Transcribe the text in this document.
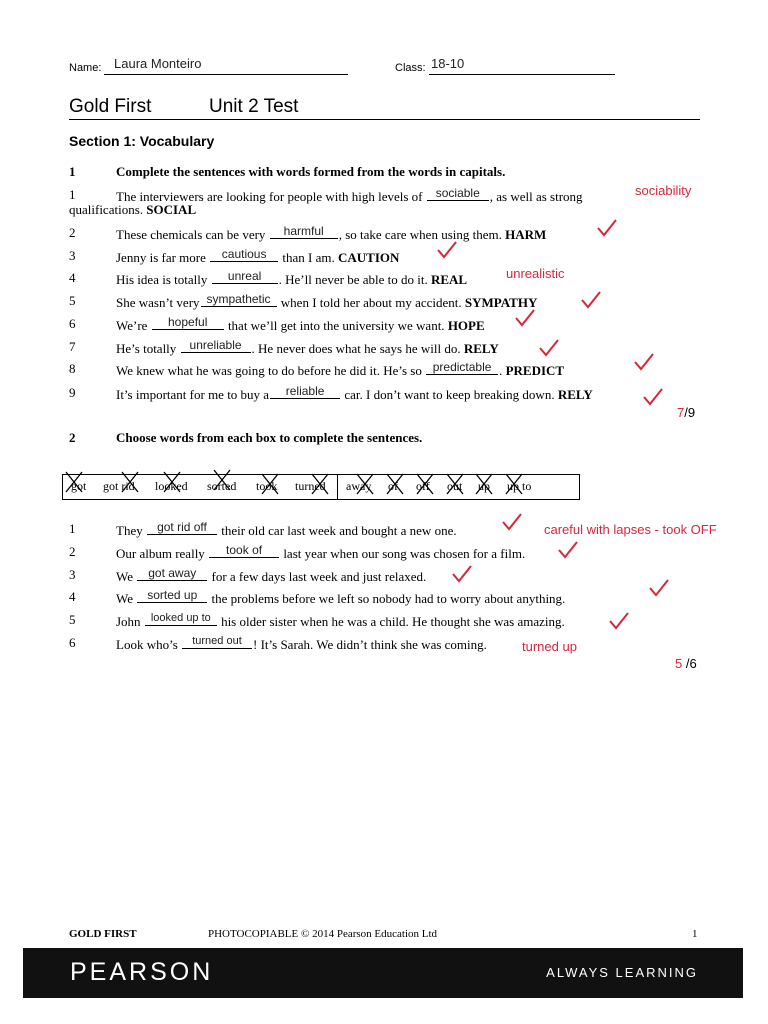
Name: Laura Monteiro	Class: 18-10
Gold First	Unit 2 Test
Section 1: Vocabulary
1	Complete the sentences with words formed from the words in capitals.
1	The interviewers are looking for people with high levels of sociable , as well as strong
qualifications. SOCIAL
2	These chemicals can be very	harmful	, so take care when using them. HARM
3	Jenny is far more	cautious than I am. CAUTION
4	His idea is totally	unreal	. He’ll never be able to do it. REAL
5	She wasn’t very sympathetic when I told her about my accident. SYMPATHY
6	We’re	hopeful	that we’ll get into the university we want. HOPE
7	He’s totally unreliable . He never does what he says he will do. RELY
8	We knew what he was going to do before he did it. He’s so predictable . PREDICT
9	It’s important for me to buy a	reliable	car. I don’t want to keep breaking down. RELY
sociability
unrealistic
7/9
2	Choose words from each box to complete the sentences.
got got rid looked sorted took turned away of off out up up to
1	They got rid off their old car last week and bought a new one.
2	Our album really	took of	last year when our song was chosen for a film.
3	We got away for a few days last week and just relaxed.
4	We sorted up the problems before we left so nobody had to worry about anything.
5	John looked up to his older sister when he was a child. He thought she was amazing.
6	Look who’s	turned out ! It’s Sarah. We didn’t think she was coming.
careful with lapses - took OFF
turned up
5 /6
GOLD FIRST	PHOTOCOPIABLE © 2014 Pearson Education Ltd	1
PEARSON	ALWAYS LEARNING
